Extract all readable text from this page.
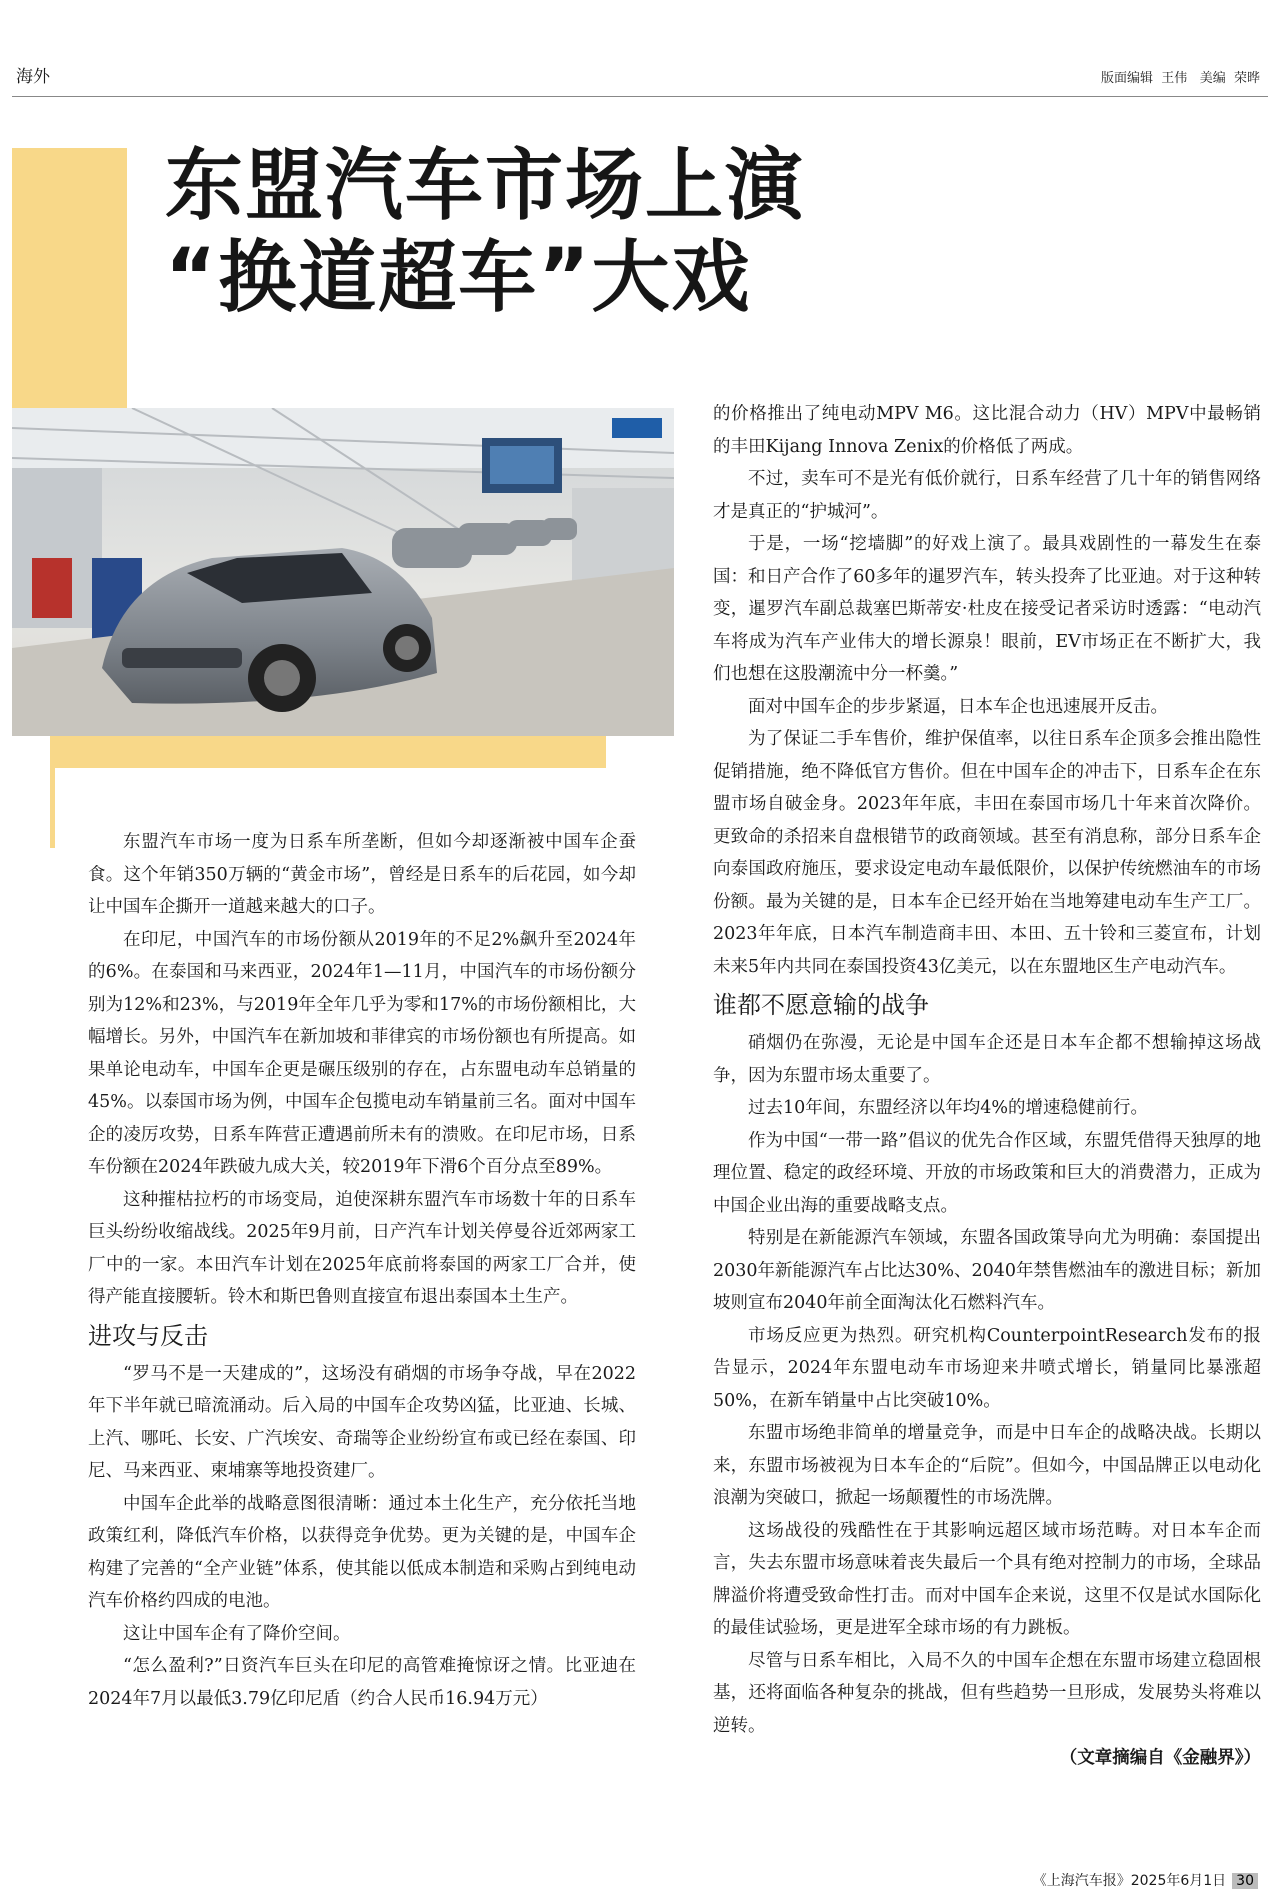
海外	版面编辑 王伟 美编 荣晔
东盟汽车市场上演
“换道超车”大戏

东盟汽车市场一度为日系车所垄断，但如今却逐渐被中国车企蚕食。这个年销350万辆的“黄金市场”，曾经是日系车的后花园，如今却让中国车企撕开一道越来越大的口子。

在印尼，中国汽车的市场份额从2019年的不足2%飙升至2024年的6%。在泰国和马来西亚，2024年1—11月，中国汽车的市场份额分别为12%和23%，与2019年全年几乎为零和17%的市场份额相比，大幅增长。另外，中国汽车在新加坡和菲律宾的市场份额也有所提高。如果单论电动车，中国车企更是碾压级别的存在，占东盟电动车总销量的45%。以泰国市场为例，中国车企包揽电动车销量前三名。面对中国车企的凌厉攻势，日系车阵营正遭遇前所未有的溃败。在印尼市场，日系车份额在2024年跌破九成大关，较2019年下滑6个百分点至89%。

这种摧枯拉朽的市场变局，迫使深耕东盟汽车市场数十年的日系车巨头纷纷收缩战线。2025年9月前，日产汽车计划关停曼谷近郊两家工厂中的一家。本田汽车计划在2025年底前将泰国的两家工厂合并，使得产能直接腰斩。铃木和斯巴鲁则直接宣布退出泰国本土生产。

进攻与反击

“罗马不是一天建成的”，这场没有硝烟的市场争夺战，早在2022年下半年就已暗流涌动。后入局的中国车企攻势凶猛，比亚迪、长城、上汽、哪吒、长安、广汽埃安、奇瑞等企业纷纷宣布或已经在泰国、印尼、马来西亚、柬埔寨等地投资建厂。

中国车企此举的战略意图很清晰：通过本土化生产，充分依托当地政策红利，降低汽车价格，以获得竞争优势。更为关键的是，中国车企构建了完善的“全产业链”体系，使其能以低成本制造和采购占到纯电动汽车价格约四成的电池。

这让中国车企有了降价空间。

“怎么盈利?”日资汽车巨头在印尼的高管难掩惊讶之情。比亚迪在2024年7月以最低3.79亿印尼盾（约合人民币16.94万元）

的价格推出了纯电动MPV M6。这比混合动力（HV）MPV中最畅销的丰田Kijang Innova Zenix的价格低了两成。

不过，卖车可不是光有低价就行，日系车经营了几十年的销售网络才是真正的“护城河”。

于是，一场“挖墙脚”的好戏上演了。最具戏剧性的一幕发生在泰国：和日产合作了60多年的暹罗汽车，转头投奔了比亚迪。对于这种转变，暹罗汽车副总裁塞巴斯蒂安·杜皮在接受记者采访时透露：“电动汽车将成为汽车产业伟大的增长源泉！眼前，EV市场正在不断扩大，我们也想在这股潮流中分一杯羹。”

面对中国车企的步步紧逼，日本车企也迅速展开反击。

为了保证二手车售价，维护保值率，以往日系车企顶多会推出隐性促销措施，绝不降低官方售价。但在中国车企的冲击下，日系车企在东盟市场自破金身。2023年年底，丰田在泰国市场几十年来首次降价。更致命的杀招来自盘根错节的政商领域。甚至有消息称，部分日系车企向泰国政府施压，要求设定电动车最低限价，以保护传统燃油车的市场份额。最为关键的是，日本车企已经开始在当地筹建电动车生产工厂。2023年年底，日本汽车制造商丰田、本田、五十铃和三菱宣布，计划未来5年内共同在泰国投资43亿美元，以在东盟地区生产电动汽车。

谁都不愿意输的战争

硝烟仍在弥漫，无论是中国车企还是日本车企都不想输掉这场战争，因为东盟市场太重要了。

过去10年间，东盟经济以年均4%的增速稳健前行。

作为中国“一带一路”倡议的优先合作区域，东盟凭借得天独厚的地理位置、稳定的政经环境、开放的市场政策和巨大的消费潜力，正成为中国企业出海的重要战略支点。

特别是在新能源汽车领域，东盟各国政策导向尤为明确：泰国提出2030年新能源汽车占比达30%、2040年禁售燃油车的激进目标；新加坡则宣布2040年前全面淘汰化石燃料汽车。

市场反应更为热烈。研究机构CounterpointResearch发布的报告显示，2024年东盟电动车市场迎来井喷式增长，销量同比暴涨超50%，在新车销量中占比突破10%。

东盟市场绝非简单的增量竞争，而是中日车企的战略决战。长期以来，东盟市场被视为日本车企的“后院”。但如今，中国品牌正以电动化浪潮为突破口，掀起一场颠覆性的市场洗牌。

这场战役的残酷性在于其影响远超区域市场范畴。对日本车企而言，失去东盟市场意味着丧失最后一个具有绝对控制力的市场，全球品牌溢价将遭受致命性打击。而对中国车企来说，这里不仅是试水国际化的最佳试验场，更是进军全球市场的有力跳板。

尽管与日系车相比，入局不久的中国车企想在东盟市场建立稳固根基，还将面临各种复杂的挑战，但有些趋势一旦形成，发展势头将难以逆转。

（文章摘编自《金融界》）

《上海汽车报》2025年6月1日 30
